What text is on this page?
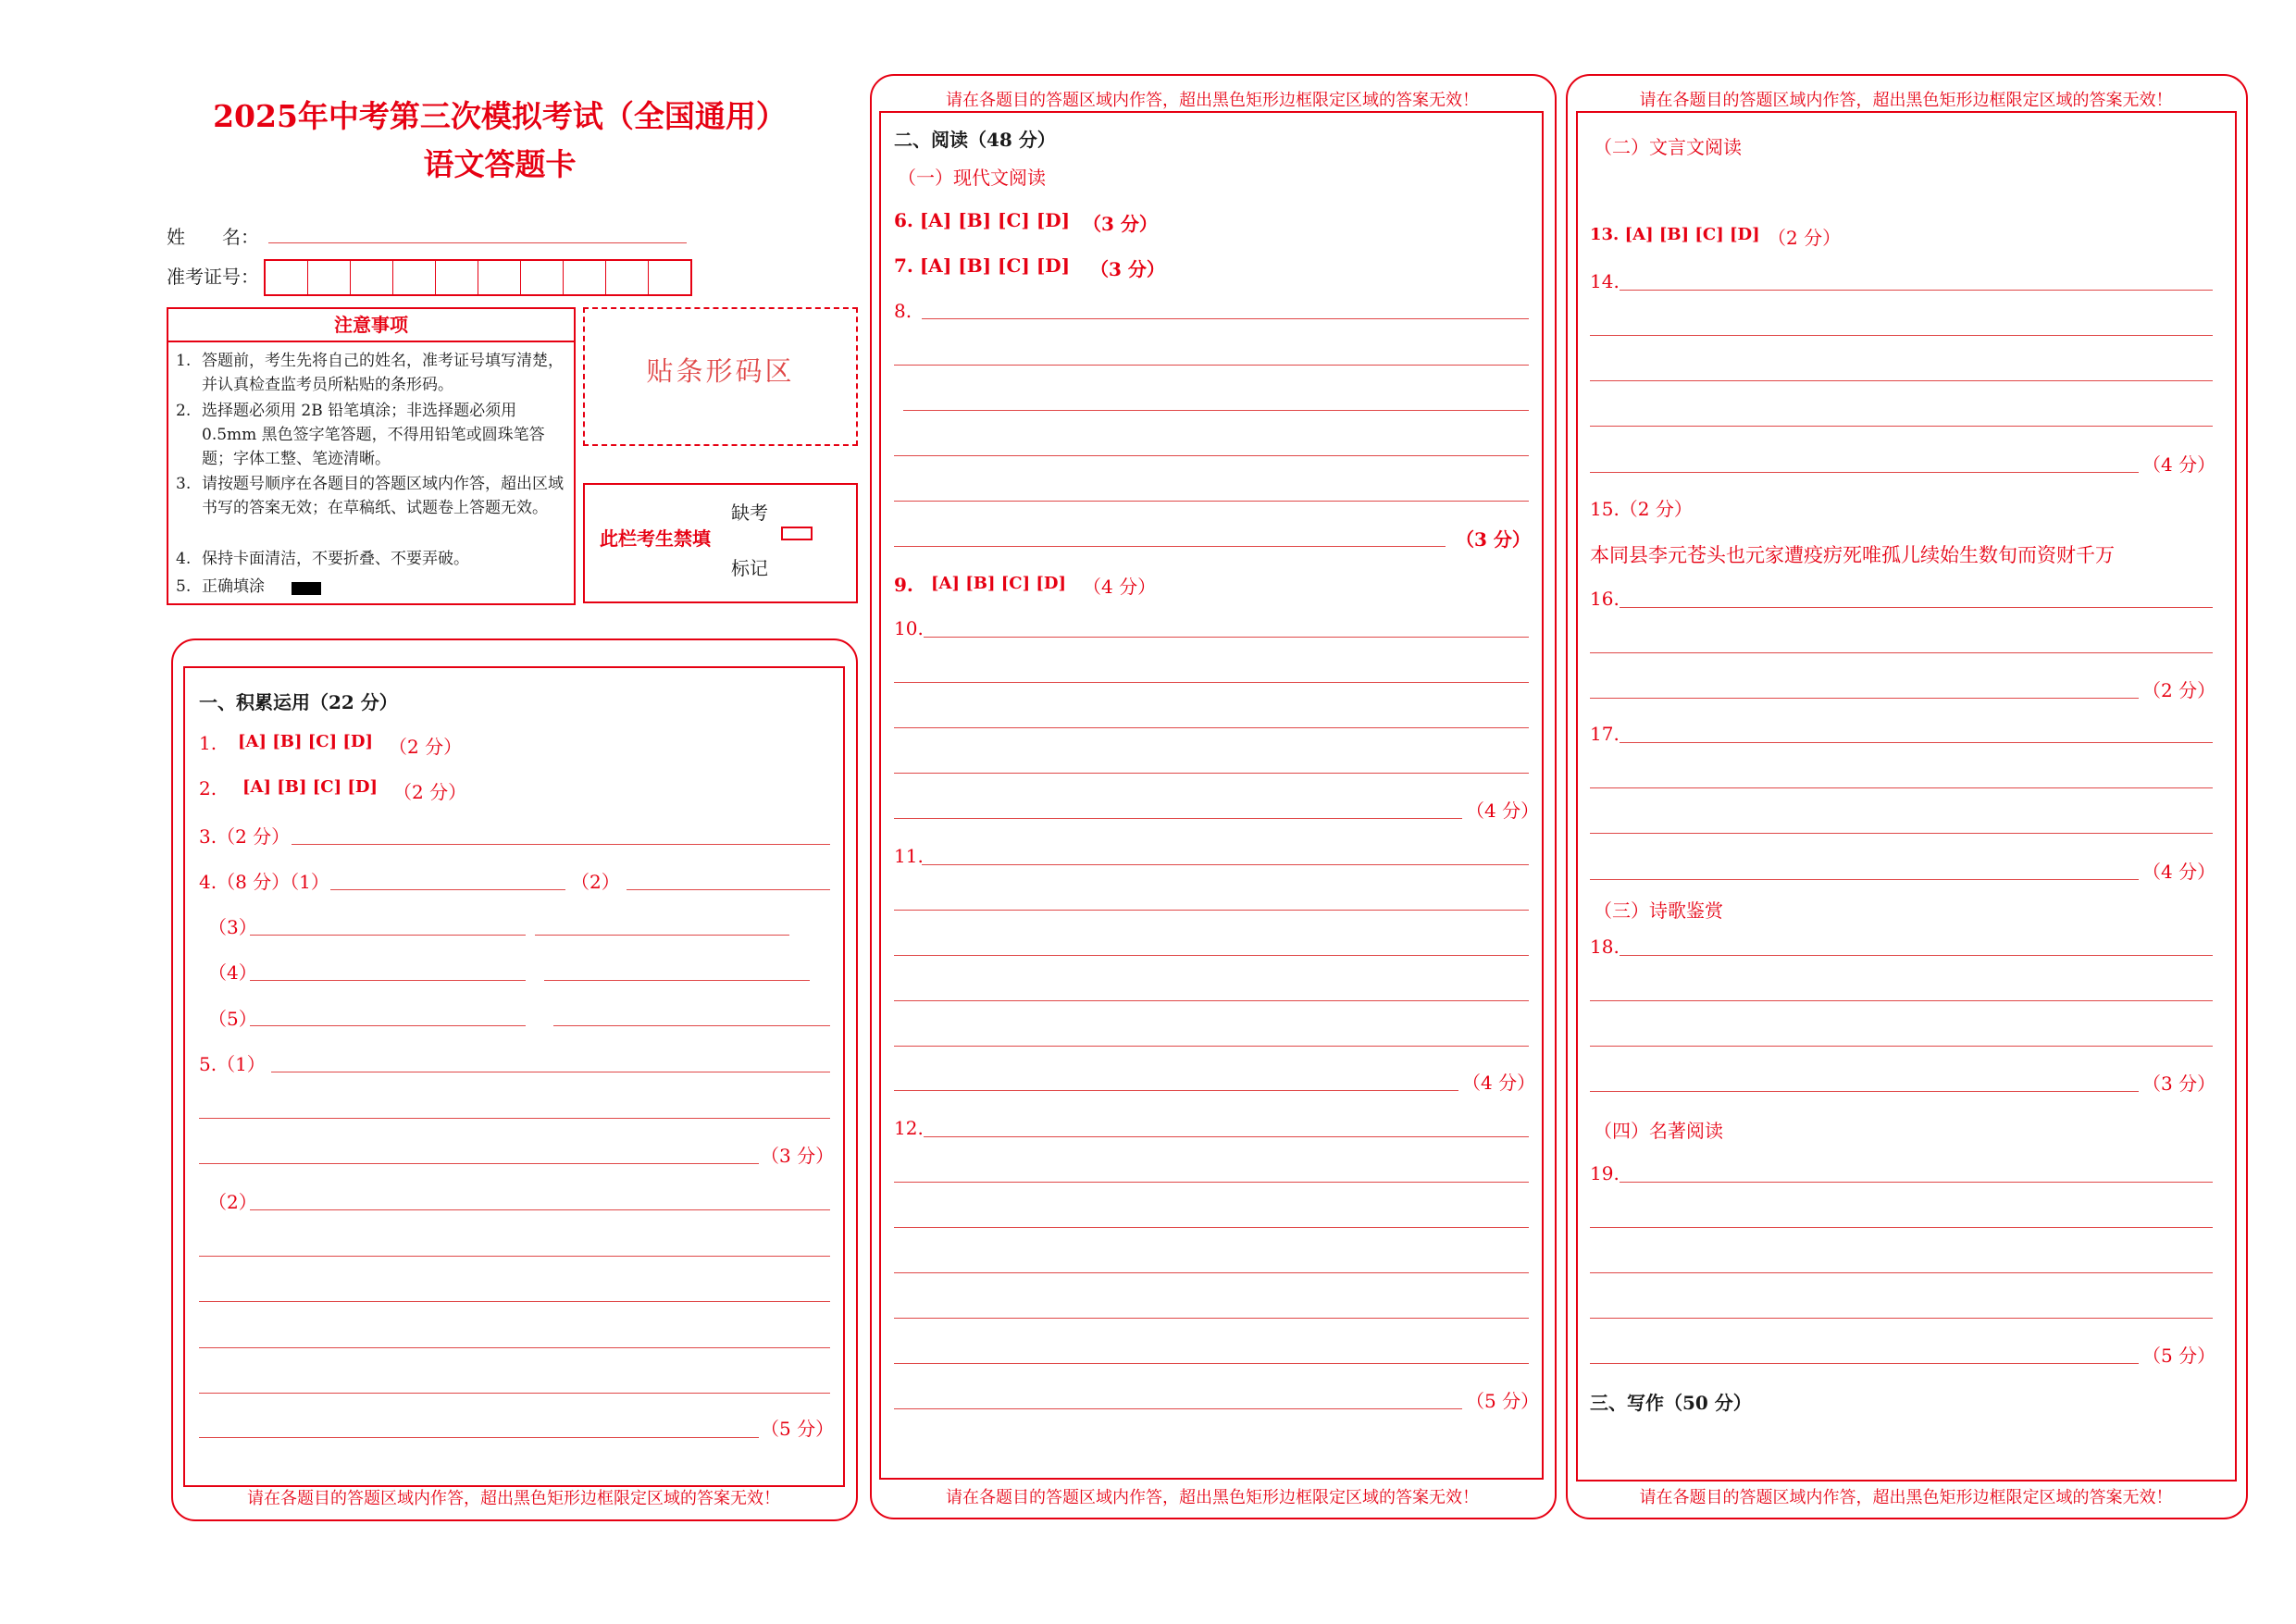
2025年中考第三次模拟考试（全国通用）
语文答题卡
姓　　名：
准考证号：
注意事项
1. 答题前，考生先将自己的姓名，准考证号填写清楚，并认真检查监考员所粘贴的条形码。
2. 选择题必须用 2B 铅笔填涂；非选择题必须用 0.5mm 黑色签字笔答题，不得用铅笔或圆珠笔答题；字体工整、笔迹清晰。
3. 请按题号顺序在各题目的答题区域内作答，超出区域书写的答案无效；在草稿纸、试题卷上答题无效。
4. 保持卡面清洁，不要折叠、不要弄破。
5. 正确填涂
贴条形码区
此栏考生禁填
缺考
标记
请在各题目的答题区域内作答，超出黑色矩形边框限定区域的答案无效！
一、积累运用（22 分）
1. [A] [B] [C] [D] （2 分）
2. [A] [B] [C] [D] （2 分）
3.（2 分）
4.（8 分）（1）	（2）
（3）
（4）
（5）
5.（1）
（3 分）
（2）
（5 分）
请在各题目的答题区域内作答，超出黑色矩形边框限定区域的答案无效！
请在各题目的答题区域内作答，超出黑色矩形边框限定区域的答案无效！
二、阅读（48 分）
（一）现代文阅读
6. [A] [B] [C] [D] （3 分）
7. [A] [B] [C] [D] （3 分）
8.
（3 分）
9. [A] [B] [C] [D] （4 分）
10.
（4 分）
11.
（4 分）
12.
（5 分）
请在各题目的答题区域内作答，超出黑色矩形边框限定区域的答案无效！
请在各题目的答题区域内作答，超出黑色矩形边框限定区域的答案无效！
（二）文言文阅读
13. [A] [B] [C] [D] （2 分）
14.
（4 分）
15.（2 分）
本同县李元苍头也元家遭疫疠死唯孤儿续始生数旬而资财千万
16.
（2 分）
17.
（4 分）
（三）诗歌鉴赏
18.
（3 分）
（四）名著阅读
19.
（5 分）
三、写作（50 分）
